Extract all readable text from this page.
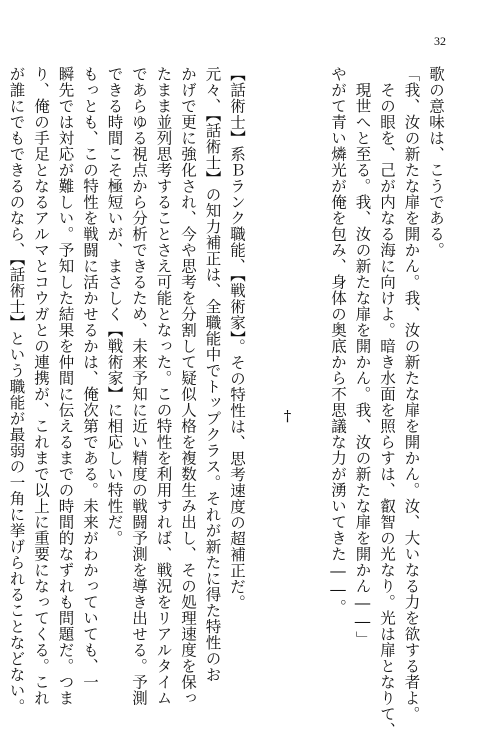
32
歌の意味は、こうである。
「我、汝の新たな扉を開かん。我、汝の新たな扉を開かん。汝、大いなる力を欲する者よ。
その眼を、己が内なる海に向けよ。暗き水面を照らすは、叡智の光なり。光は扉となりて、
現世へと至る。我、汝の新たな扉を開かん。我、汝の新たな扉を開かん――」
やがて青い燐光が俺を包み、身体の奥底から不思議な力が湧いてきた――。
†
【話術士】系Ｂランク職能、【戦術家】。その特性は、思考速度の超補正だ。
元々、【話術士】の知力補正は、全職能中でトップクラス。それが新たに得た特性のお
かげで更に強化され、今や思考を分割して疑似人格を複数生み出し、その処理速度を保っ
たまま並列思考することさえ可能となった。この特性を利用すれば、戦況をリアルタイム
であらゆる視点から分析できるため、未来予知に近い精度の戦闘予測を導き出せる。予測
できる時間こそ極短いが、まさしく【戦術家】に相応しい特性だ。
もっとも、この特性を戦闘に活かせるかは、俺次第である。未来がわかっていても、一
瞬先では対応が難しい。予知した結果を仲間に伝えるまでの時間的なずれも問題だ。つま
り、俺の手足となるアルマとコウガとの連携が、これまで以上に重要になってくる。これ
が誰にでもできるのなら、【話術士】という職能が最弱の一角に挙げられることなどない。
